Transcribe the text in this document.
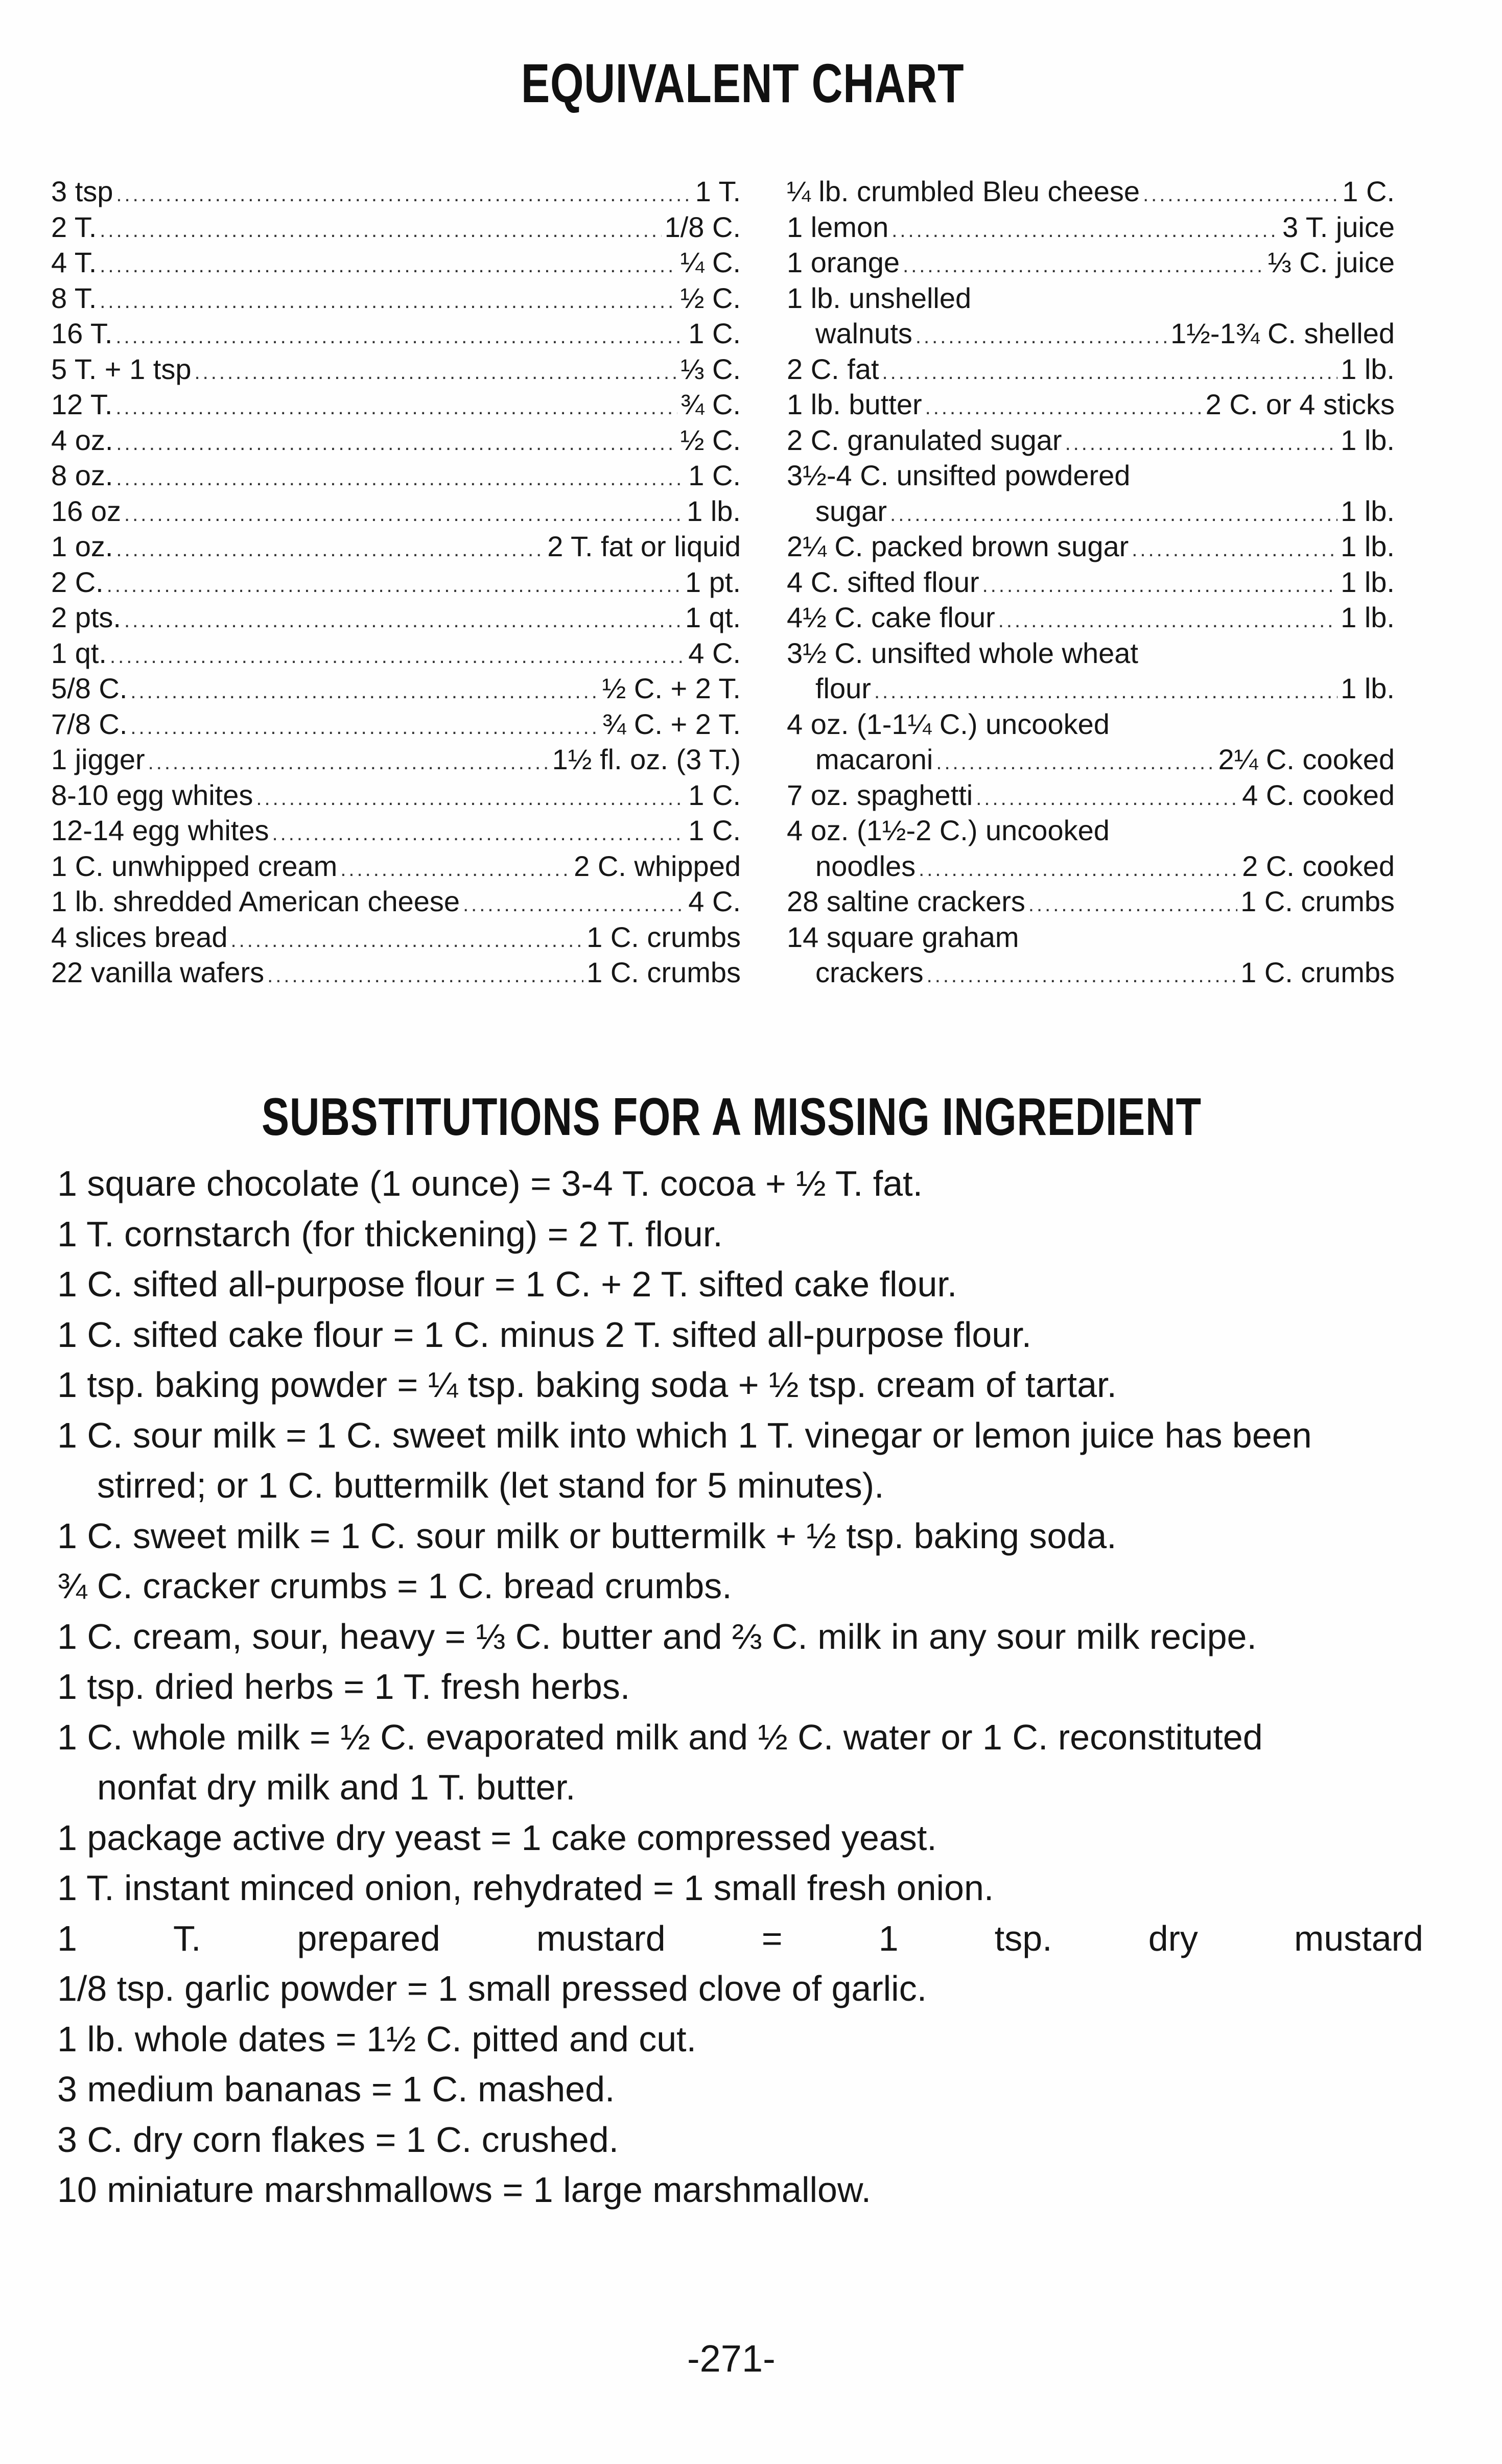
EQUIVALENT CHART
3 tsp .....	1 T.
2 T. .....	1/8 C.
4 T. .....	¼ C.
8 T. .....	½ C.
16 T. .....	1 C.
5 T. + 1 tsp .....	⅓ C.
12 T. .....	¾ C.
4 oz. .....	½ C.
8 oz. .....	1 C.
16 oz .....	1 lb.
1 oz. .....	2 T. fat or liquid
2 C. .....	1 pt.
2 pts. .....	1 qt.
1 qt. .....	4 C.
5/8 C. .....	½ C. + 2 T.
7/8 C. .....	¾ C. + 2 T.
1 jigger .....	1½ fl. oz. (3 T.)
8-10 egg whites .....	1 C.
12-14 egg whites .....	1 C.
1 C. unwhipped cream .....	2 C. whipped
1 lb. shredded American cheese .....	4 C.
4 slices bread .....	1 C. crumbs
22 vanilla wafers .....	1 C. crumbs
¼ lb. crumbled Bleu cheese .....	1 C.
1 lemon .....	3 T. juice
1 orange .....	⅓ C. juice
1 lb. unshelled
walnuts .....	1½-1¾ C. shelled
2 C. fat .....	1 lb.
1 lb. butter .....	2 C. or 4 sticks
2 C. granulated sugar .....	1 lb.
3½-4 C. unsifted powdered
sugar .....	1 lb.
2¼ C. packed brown sugar .....	1 lb.
4 C. sifted flour .....	1 lb.
4½ C. cake flour .....	1 lb.
3½ C. unsifted whole wheat
flour .....	1 lb.
4 oz. (1-1¼ C.) uncooked
macaroni .....	2¼ C. cooked
7 oz. spaghetti .....	4 C. cooked
4 oz. (1½-2 C.) uncooked
noodles .....	2 C. cooked
28 saltine crackers .....	1 C. crumbs
14 square graham
crackers .....	1 C. crumbs
SUBSTITUTIONS FOR A MISSING INGREDIENT
1 square chocolate (1 ounce) = 3-4 T. cocoa + ½ T. fat.
1 T. cornstarch (for thickening) = 2 T. flour.
1 C. sifted all-purpose flour = 1 C. + 2 T. sifted cake flour.
1 C. sifted cake flour = 1 C. minus 2 T. sifted all-purpose flour.
1 tsp. baking powder = ¼ tsp. baking soda + ½ tsp. cream of tartar.
1 C. sour milk = 1 C. sweet milk into which 1 T. vinegar or lemon juice has been
stirred; or 1 C. buttermilk (let stand for 5 minutes).
1 C. sweet milk = 1 C. sour milk or buttermilk + ½ tsp. baking soda.
¾ C. cracker crumbs = 1 C. bread crumbs.
1 C. cream, sour, heavy = ⅓ C. butter and ⅔ C. milk in any sour milk recipe.
1 tsp. dried herbs = 1 T. fresh herbs.
1 C. whole milk = ½ C. evaporated milk and ½ C. water or 1 C. reconstituted
nonfat dry milk and 1 T. butter.
1 package active dry yeast = 1 cake compressed yeast.
1 T. instant minced onion, rehydrated = 1 small fresh onion.
1	T.	prepared	mustard	=	1	tsp.	dry	mustard
1/8 tsp. garlic powder = 1 small pressed clove of garlic.
1 lb. whole dates = 1½ C. pitted and cut.
3 medium bananas = 1 C. mashed.
3 C. dry corn flakes = 1 C. crushed.
10 miniature marshmallows = 1 large marshmallow.
-271-
